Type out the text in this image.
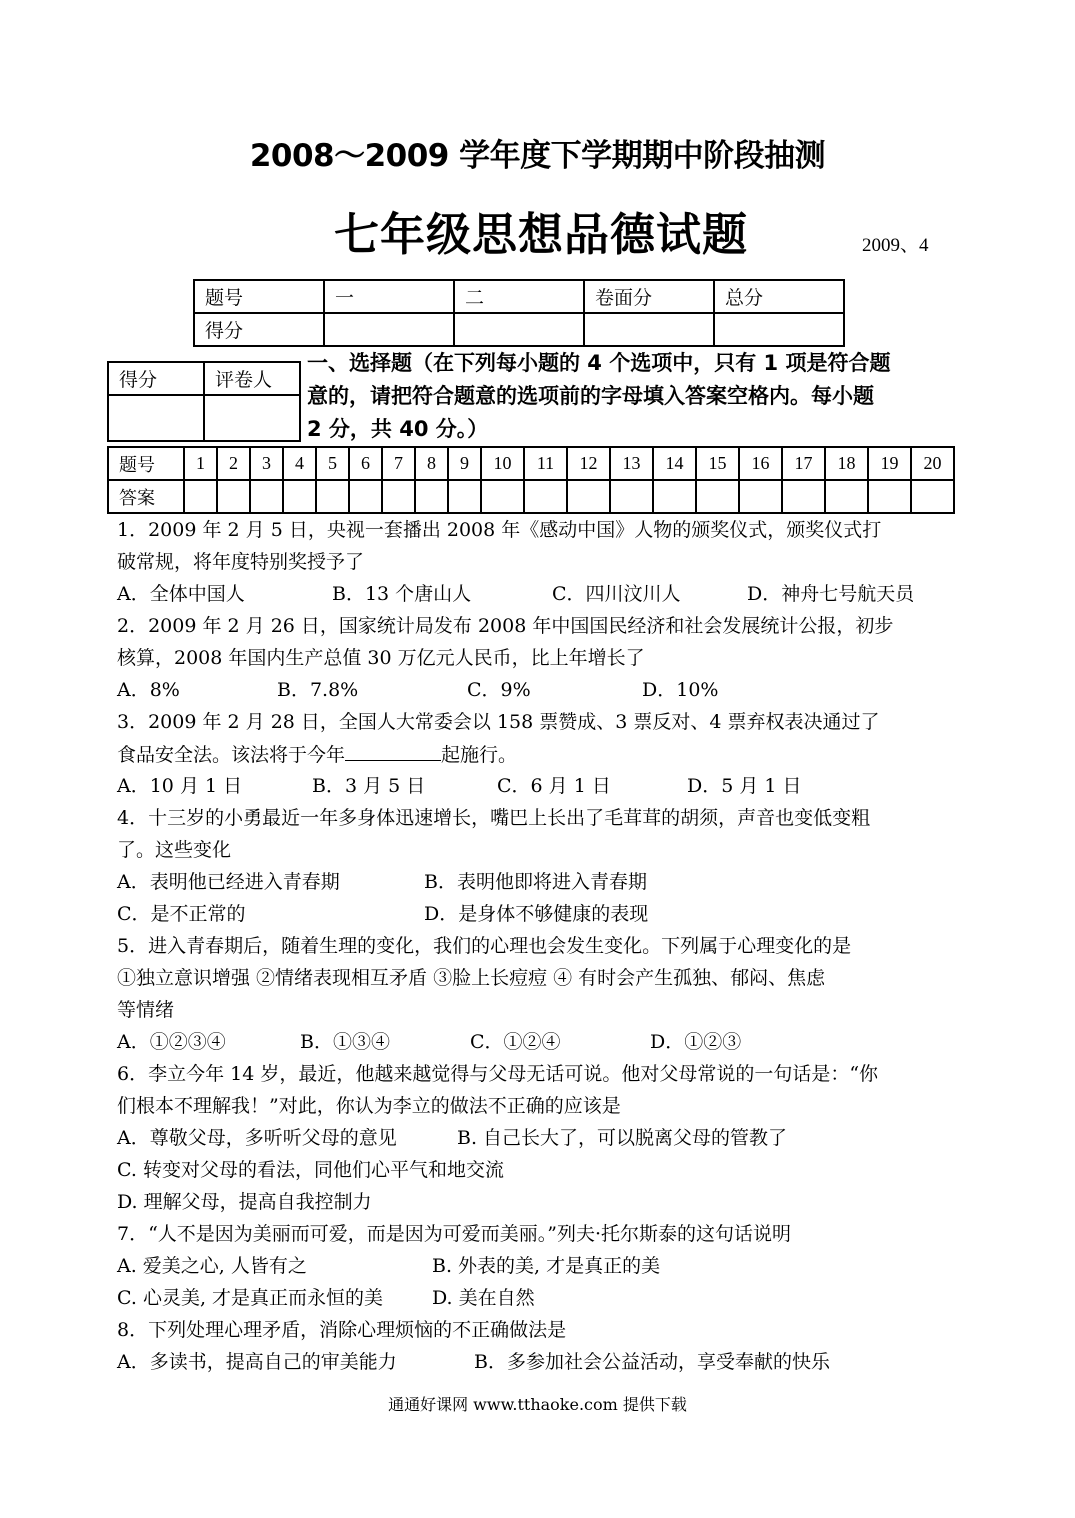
2008～2009 学年度下学期期中阶段抽测
七年级思想品德试题	2009、4
题号	一	二	卷面分	总分
得分				
得分	评卷人

一、选择题（在下列每小题的 4 个选项中，只有 1 项是符合题
意的，请把符合题意的选项前的字母填入答案空格内。每小题
2 分，共 40 分。）
题号	1	2	3	4	5	6	7	8	9	10	11	12	13	14	15	16	17	18	19	20
答案																				
1．2009 年 2 月 5 日，央视一套播出 2008 年《感动中国》人物的颁奖仪式，颁奖仪式打
破常规，将年度特别奖授予了
A．全体中国人	B．13 个唐山人	C．四川汶川人	D．神舟七号航天员
2．2009 年 2 月 26 日，国家统计局发布 2008 年中国国民经济和社会发展统计公报，初步
核算，2008 年国内生产总值 30 万亿元人民币，比上年增长了
A．8%	B．7.8%	C．9%	D．10%
3．2009 年 2 月 28 日，全国人大常委会以 158 票赞成、3 票反对、4 票弃权表决通过了
食品安全法。该法将于今年	起施行。
A．10 月 1 日	B．3 月 5 日	C．6 月 1 日	D．5 月 1 日
4．十三岁的小勇最近一年多身体迅速增长，嘴巴上长出了毛茸茸的胡须，声音也变低变粗
了。这些变化
A．表明他已经进入青春期	B．表明他即将进入青春期
C．是不正常的	D．是身体不够健康的表现
5．进入青春期后，随着生理的变化，我们的心理也会发生变化。下列属于心理变化的是
①独立意识增强 ②情绪表现相互矛盾 ③脸上长痘痘 ④ 有时会产生孤独、郁闷、焦虑
等情绪
A．①②③④	B．①③④	C．①②④	D．①②③
6．李立今年 14 岁，最近，他越来越觉得与父母无话可说。他对父母常说的一句话是：“你
们根本不理解我！”对此，你认为李立的做法不正确的应该是
A．尊敬父母，多听听父母的意见	B. 自己长大了，可以脱离父母的管教了
C. 转变对父母的看法，同他们心平气和地交流
D. 理解父母，提高自我控制力
7．“人不是因为美丽而可爱，而是因为可爱而美丽。”列夫·托尔斯泰的这句话说明
A. 爱美之心, 人皆有之	B. 外表的美, 才是真正的美
C. 心灵美, 才是真正而永恒的美	D. 美在自然
8．下列处理心理矛盾，消除心理烦恼的不正确做法是
A．多读书，提高自己的审美能力	B．多参加社会公益活动，享受奉献的快乐
通通好课网 www.tthaoke.com 提供下载
